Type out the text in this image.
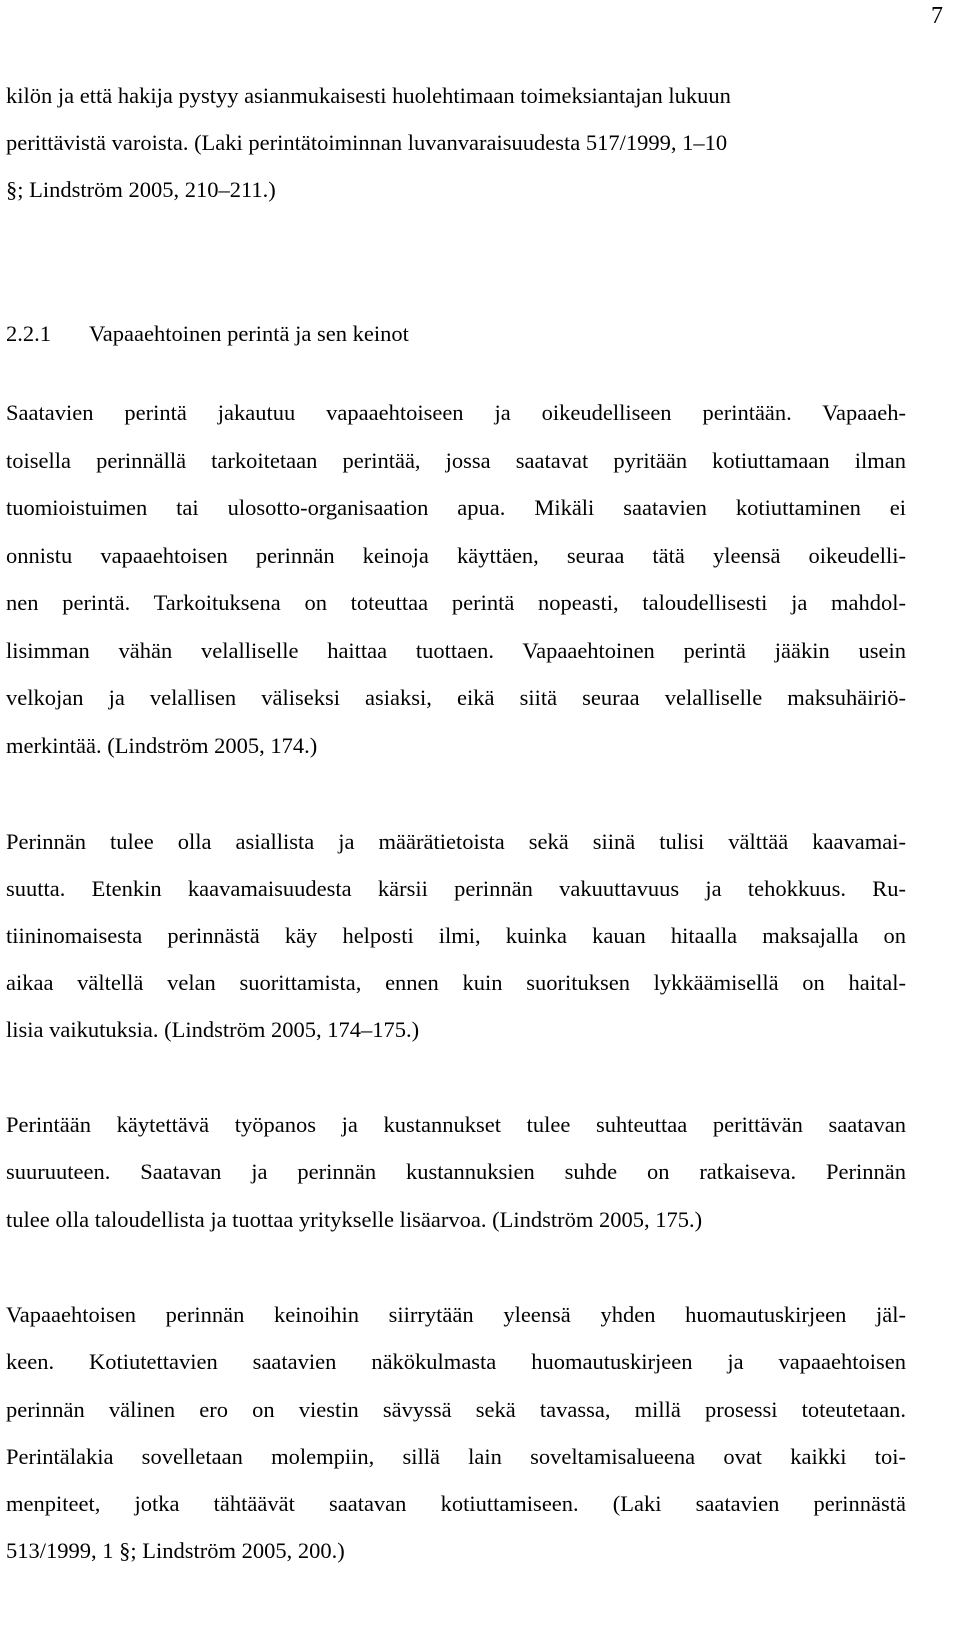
7
kilön ja että hakija pystyy asianmukaisesti huolehtimaan toimeksiantajan lukuun
perittävistä varoista. (Laki perintätoiminnan luvanvaraisuudesta 517/1999, 1–10
§; Lindström 2005, 210–211.)
2.2.1 Vapaaehtoinen perintä ja sen keinot
Saatavien perintä jakautuu vapaaehtoiseen ja oikeudelliseen perintään. Vapaaeh-
toisella perinnällä tarkoitetaan perintää, jossa saatavat pyritään kotiuttamaan ilman
tuomioistuimen tai ulosotto-organisaation apua. Mikäli saatavien kotiuttaminen ei
onnistu vapaaehtoisen perinnän keinoja käyttäen, seuraa tätä yleensä oikeudelli-
nen perintä. Tarkoituksena on toteuttaa perintä nopeasti, taloudellisesti ja mahdol-
lisimman vähän velalliselle haittaa tuottaen. Vapaaehtoinen perintä jääkin usein
velkojan ja velallisen väliseksi asiaksi, eikä siitä seuraa velalliselle maksuhäiriö-
merkintää. (Lindström 2005, 174.)
Perinnän tulee olla asiallista ja määrätietoista sekä siinä tulisi välttää kaavamai-
suutta. Etenkin kaavamaisuudesta kärsii perinnän vakuuttavuus ja tehokkuus. Ru-
tiininomaisesta perinnästä käy helposti ilmi, kuinka kauan hitaalla maksajalla on
aikaa vältellä velan suorittamista, ennen kuin suorituksen lykkäämisellä on haital-
lisia vaikutuksia. (Lindström 2005, 174–175.)
Perintään käytettävä työpanos ja kustannukset tulee suhteuttaa perittävän saatavan
suuruuteen. Saatavan ja perinnän kustannuksien suhde on ratkaiseva. Perinnän
tulee olla taloudellista ja tuottaa yritykselle lisäarvoa. (Lindström 2005, 175.)
Vapaaehtoisen perinnän keinoihin siirrytään yleensä yhden huomautuskirjeen jäl-
keen. Kotiutettavien saatavien näkökulmasta huomautuskirjeen ja vapaaehtoisen
perinnän välinen ero on viestin sävyssä sekä tavassa, millä prosessi toteutetaan.
Perintälakia sovelletaan molempiin, sillä lain soveltamisalueena ovat kaikki toi-
menpiteet, jotka tähtäävät saatavan kotiuttamiseen. (Laki saatavien perinnästä
513/1999, 1 §; Lindström 2005, 200.)
